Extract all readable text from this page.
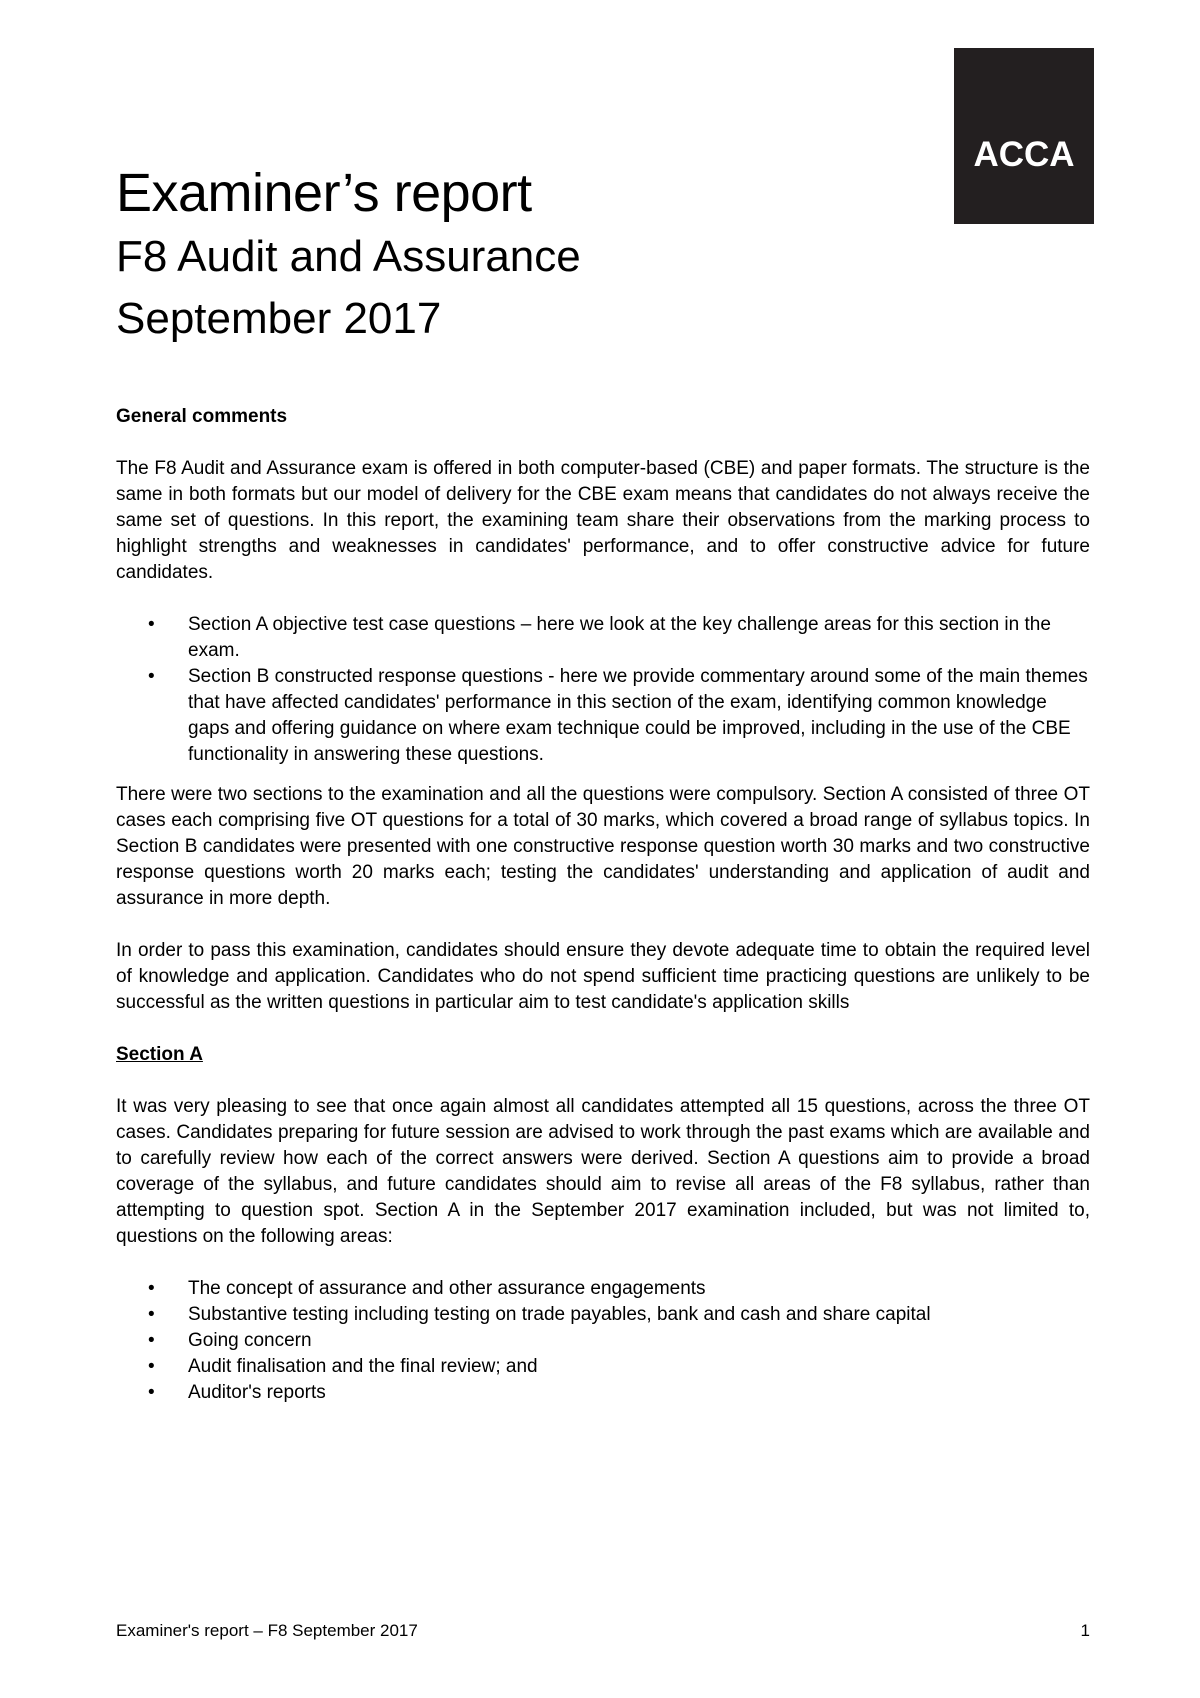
ACCA
Examiner’s report
F8 Audit and Assurance
September 2017
General comments

The F8 Audit and Assurance exam is offered in both computer-based (CBE) and paper formats. The structure is the same in both formats but our model of delivery for the CBE exam means that candidates do not always receive the same set of questions. In this report, the examining team share their observations from the marking process to highlight strengths and weaknesses in candidates' performance, and to offer constructive advice for future candidates.

• Section A objective test case questions – here we look at the key challenge areas for this section in the exam.
• Section B constructed response questions - here we provide commentary around some of the main themes that have affected candidates' performance in this section of the exam, identifying common knowledge gaps and offering guidance on where exam technique could be improved, including in the use of the CBE functionality in answering these questions.

There were two sections to the examination and all the questions were compulsory. Section A consisted of three OT cases each comprising five OT questions for a total of 30 marks, which covered a broad range of syllabus topics. In Section B candidates were presented with one constructive response question worth 30 marks and two constructive response questions worth 20 marks each; testing the candidates' understanding and application of audit and assurance in more depth.

In order to pass this examination, candidates should ensure they devote adequate time to obtain the required level of knowledge and application. Candidates who do not spend sufficient time practicing questions are unlikely to be successful as the written questions in particular aim to test candidate's application skills

Section A

It was very pleasing to see that once again almost all candidates attempted all 15 questions, across the three OT cases. Candidates preparing for future session are advised to work through the past exams which are available and to carefully review how each of the correct answers were derived. Section A questions aim to provide a broad coverage of the syllabus, and future candidates should aim to revise all areas of the F8 syllabus, rather than attempting to question spot. Section A in the September 2017 examination included, but was not limited to, questions on the following areas:

• The concept of assurance and other assurance engagements
• Substantive testing including testing on trade payables, bank and cash and share capital
• Going concern
• Audit finalisation and the final review; and
• Auditor's reports
Examiner's report – F8 September 2017	1
